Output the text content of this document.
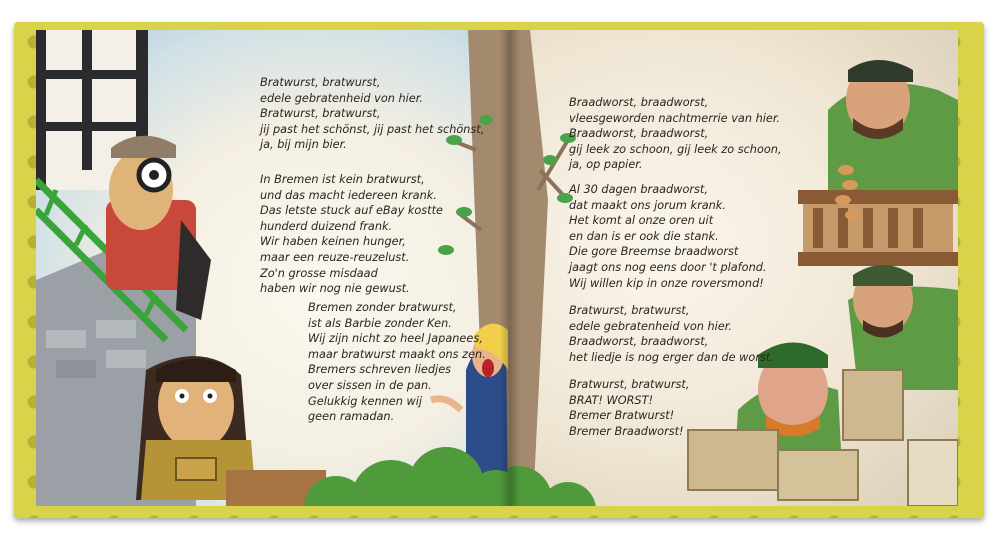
Bratwurst, bratwurst,
edele gebratenheid von hier.
Bratwurst, bratwurst,
jij past het schönst, jij past het schönst,
ja, bij mijn bier.
In Bremen ist kein bratwurst,
und das macht iedereen krank.
Das letste stuck auf eBay kostte
hunderd duizend frank.
Wir haben keinen hunger,
maar een reuze-reuzelust.
Zo'n grosse misdaad
haben wir nog nie gewust.
Bremen zonder bratwurst,
ist als Barbie zonder Ken.
Wij zijn nicht zo heel Japanees,
maar bratwurst maakt ons zen.
Bremers schreven liedjes
over sissen in de pan.
Gelukkig kennen wij
geen ramadan.
Braadworst, braadworst,
vleesgeworden nachtmerrie van hier.
Braadworst, braadworst,
gij leek zo schoon, gij leek zo schoon,
ja, op papier.
Al 30 dagen braadworst,
dat maakt ons jorum krank.
Het komt al onze oren uit
en dan is er ook die stank.
Die gore Breemse braadworst
jaagt ons nog eens door 't plafond.
Wij willen kip in onze roversmond!
Bratwurst, bratwurst,
edele gebratenheid von hier.
Braadworst, braadworst,
het liedje is nog erger dan de worst.
Bratwurst, bratwurst,
BRAT! WORST!
Bremer Bratwurst!
Bremer Braadworst!
